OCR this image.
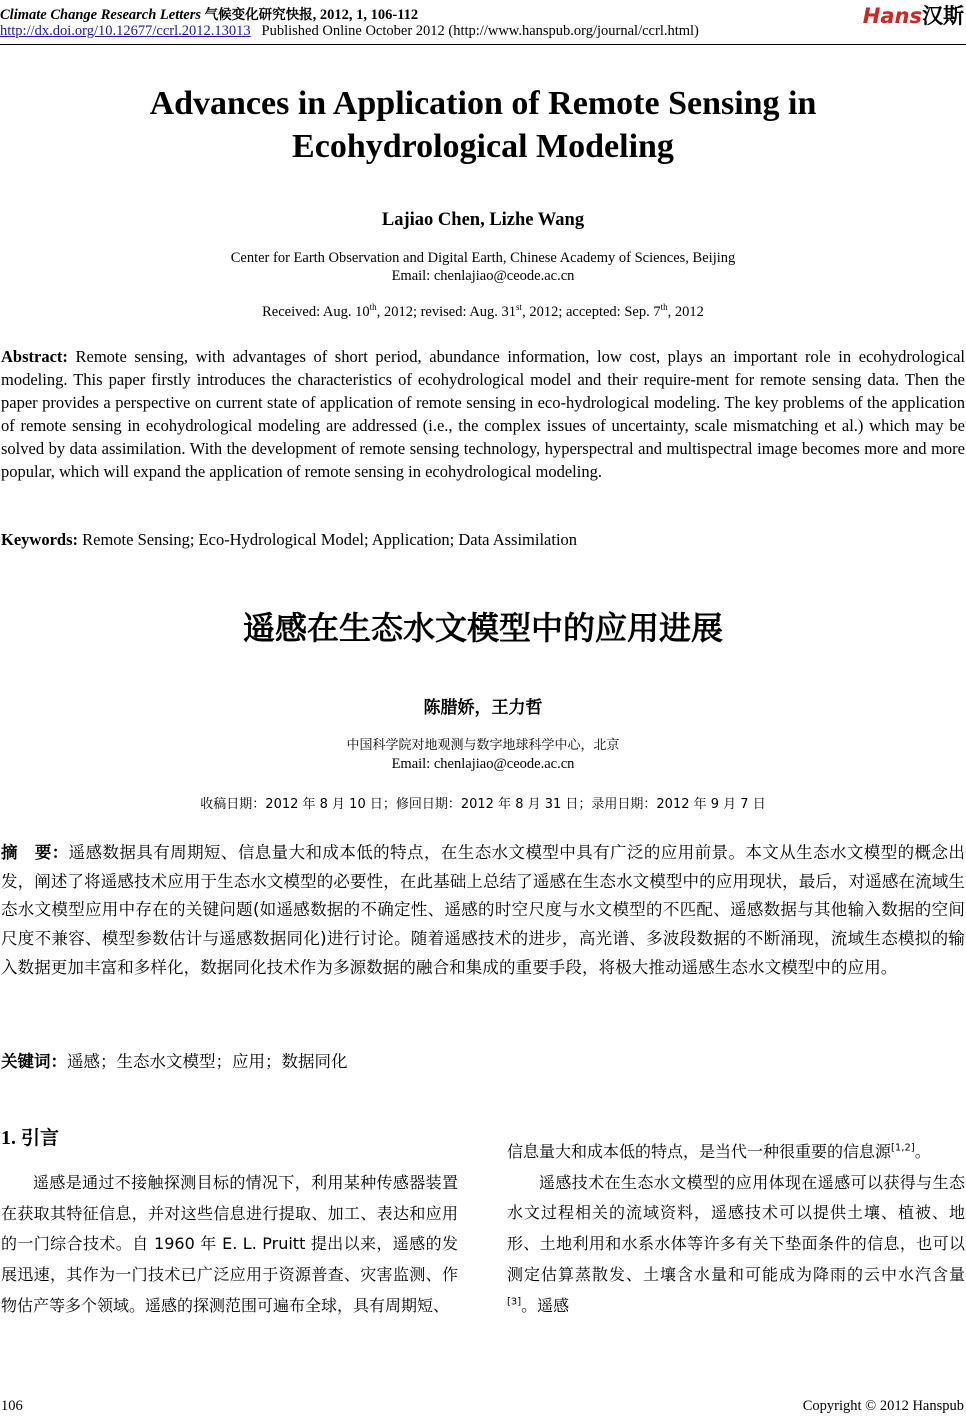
Climate Change Research Letters 气候变化研究快报, 2012, 1, 106-112	Hans汉斯
http://dx.doi.org/10.12677/ccrl.2012.13013 Published Online October 2012 (http://www.hanspub.org/journal/ccrl.html)
Advances in Application of Remote Sensing in
Ecohydrological Modeling
Lajiao Chen, Lizhe Wang
Center for Earth Observation and Digital Earth, Chinese Academy of Sciences, Beijing
Email: chenlajiao@ceode.ac.cn
Received: Aug. 10th, 2012; revised: Aug. 31st, 2012; accepted: Sep. 7th, 2012
Abstract: Remote sensing, with advantages of short period, abundance information, low cost, plays an important role in ecohydrological modeling. This paper firstly introduces the characteristics of ecohydrological model and their require-ment for remote sensing data. Then the paper provides a perspective on current state of application of remote sensing in eco-hydrological modeling. The key problems of the application of remote sensing in ecohydrological modeling are addressed (i.e., the complex issues of uncertainty, scale mismatching et al.) which may be solved by data assimilation. With the development of remote sensing technology, hyperspectral and multispectral image becomes more and more popular, which will expand the application of remote sensing in ecohydrological modeling.
Keywords: Remote Sensing; Eco-Hydrological Model; Application; Data Assimilation
遥感在生态水文模型中的应用进展
陈腊娇，王力哲
中国科学院对地观测与数字地球科学中心，北京
Email: chenlajiao@ceode.ac.cn
收稿日期：2012 年 8 月 10 日；修回日期：2012 年 8 月 31 日；录用日期：2012 年 9 月 7 日
摘　要：遥感数据具有周期短、信息量大和成本低的特点，在生态水文模型中具有广泛的应用前景。本文从生态水文模型的概念出发，阐述了将遥感技术应用于生态水文模型的必要性，在此基础上总结了遥感在生态水文模型中的应用现状，最后，对遥感在流域生态水文模型应用中存在的关键问题(如遥感数据的不确定性、遥感的时空尺度与水文模型的不匹配、遥感数据与其他输入数据的空间尺度不兼容、模型参数估计与遥感数据同化)进行讨论。随着遥感技术的进步，高光谱、多波段数据的不断涌现，流域生态模拟的输入数据更加丰富和多样化，数据同化技术作为多源数据的融合和集成的重要手段，将极大推动遥感生态水文模型中的应用。
关键词：遥感；生态水文模型；应用；数据同化
1. 引言

遥感是通过不接触探测目标的情况下，利用某种传感器装置在获取其特征信息，并对这些信息进行提取、加工、表达和应用的一门综合技术。自 1960 年 E. L. Pruitt 提出以来，遥感的发展迅速，其作为一门技术已广泛应用于资源普查、灾害监测、作物估产等多个领域。遥感的探测范围可遍布全球，具有周期短、

信息量大和成本低的特点，是当代一种很重要的信息源[1,2]。

遥感技术在生态水文模型的应用体现在遥感可以获得与生态水文过程相关的流域资料，遥感技术可以提供土壤、植被、地形、土地利用和水系水体等许多有关下垫面条件的信息，也可以测定估算蒸散发、土壤含水量和可能成为降雨的云中水汽含量[3]。遥感

106	Copyright © 2012 Hanspub
